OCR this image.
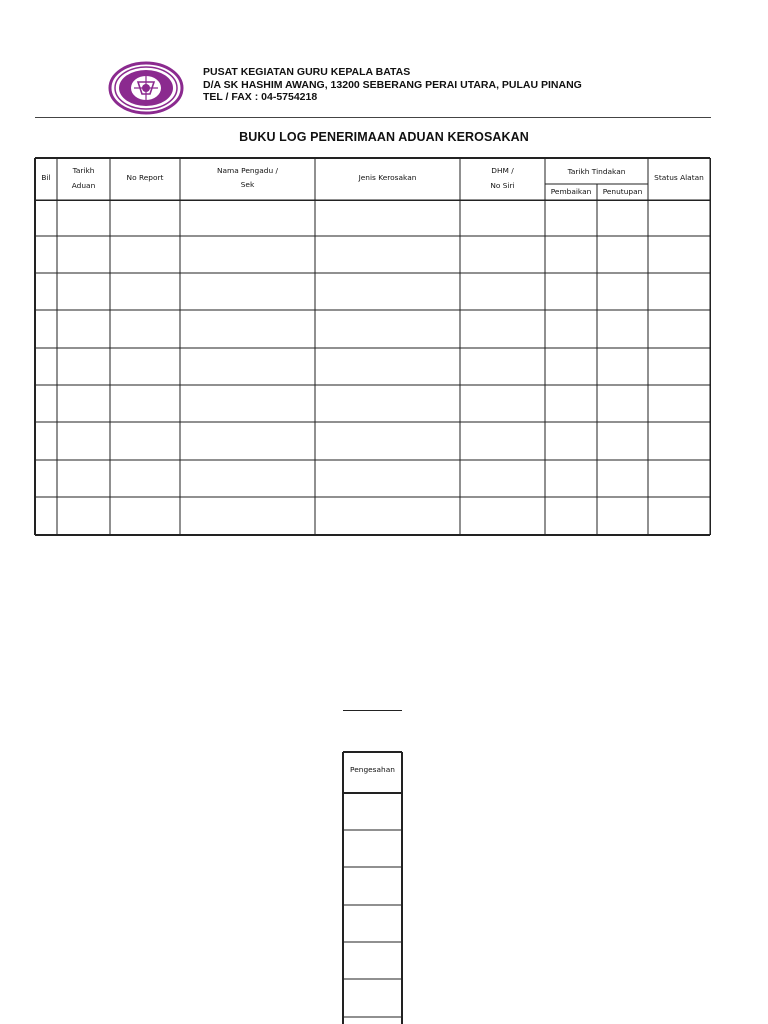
PUSAT KEGIATAN GURU KEPALA BATAS
D/A SK HASHIM AWANG, 13200 SEBERANG PERAI UTARA, PULAU PINANG
TEL / FAX : 04-5754218
BUKU LOG PENERIMAAN ADUAN KEROSAKAN
Bil
Tarikh
Aduan
No Report
Nama Pengadu /
Sek
Jenis Kerosakan
DHM /
No Siri
Tarikh Tindakan
Pembaikan	Penutupan
Status Alatan
Pengesahan
